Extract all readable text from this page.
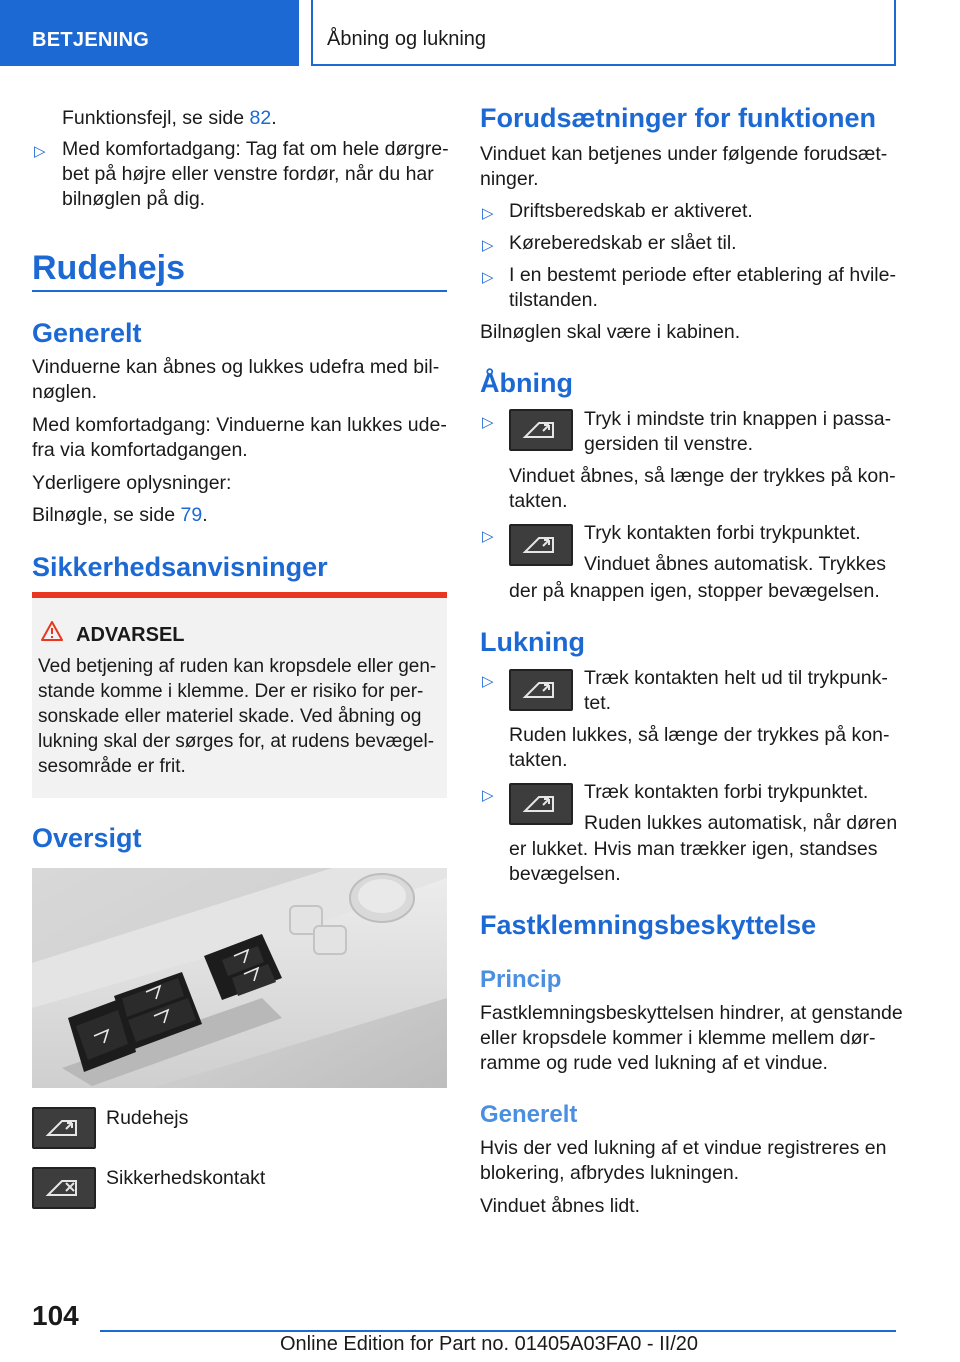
BETJENING	Åbning og lukning
Funktionsfejl, se side 82.
▷ Med komfortadgang: Tag fat om hele dørgre-
bet på højre eller venstre fordør, når du har
bilnøglen på dig.
Rudehejs
Generelt
Vinduerne kan åbnes og lukkes udefra med bil-
nøglen.
Med komfortadgang: Vinduerne kan lukkes ude-
fra via komfortadgangen.
Yderligere oplysninger:
Bilnøgle, se side 79.
Sikkerhedsanvisninger
ADVARSEL
Ved betjening af ruden kan kropsdele eller gen-
stande komme i klemme. Der er risiko for per-
sonskade eller materiel skade. Ved åbning og
lukning skal der sørges for, at rudens bevægel-
sesområde er frit.
Oversigt
Rudehejs
Sikkerhedskontakt
Forudsætninger for funktionen
Vinduet kan betjenes under følgende forudsæt-
ninger.
▷ Driftsberedskab er aktiveret.
▷ Køreberedskab er slået til.
▷ I en bestemt periode efter etablering af hvile-
tilstanden.
Bilnøglen skal være i kabinen.
Åbning
▷	Tryk i mindste trin knappen i passa-
gersiden til venstre.
Vinduet åbnes, så længe der trykkes på kon-
takten.
▷	Tryk kontakten forbi trykpunktet.
Vinduet åbnes automatisk. Trykkes
der på knappen igen, stopper bevægelsen.
Lukning
▷	Træk kontakten helt ud til trykpunk-
tet.
Ruden lukkes, så længe der trykkes på kon-
takten.
▷	Træk kontakten forbi trykpunktet.
Ruden lukkes automatisk, når døren
er lukket. Hvis man trækker igen, standses
bevægelsen.
Fastklemningsbeskyttelse
Princip
Fastklemningsbeskyttelsen hindrer, at genstande
eller kropsdele kommer i klemme mellem dør-
ramme og rude ved lukning af et vindue.
Generelt
Hvis der ved lukning af et vindue registreres en
blokering, afbrydes lukningen.
Vinduet åbnes lidt.
104
Online Edition for Part no. 01405A03FA0 - II/20
